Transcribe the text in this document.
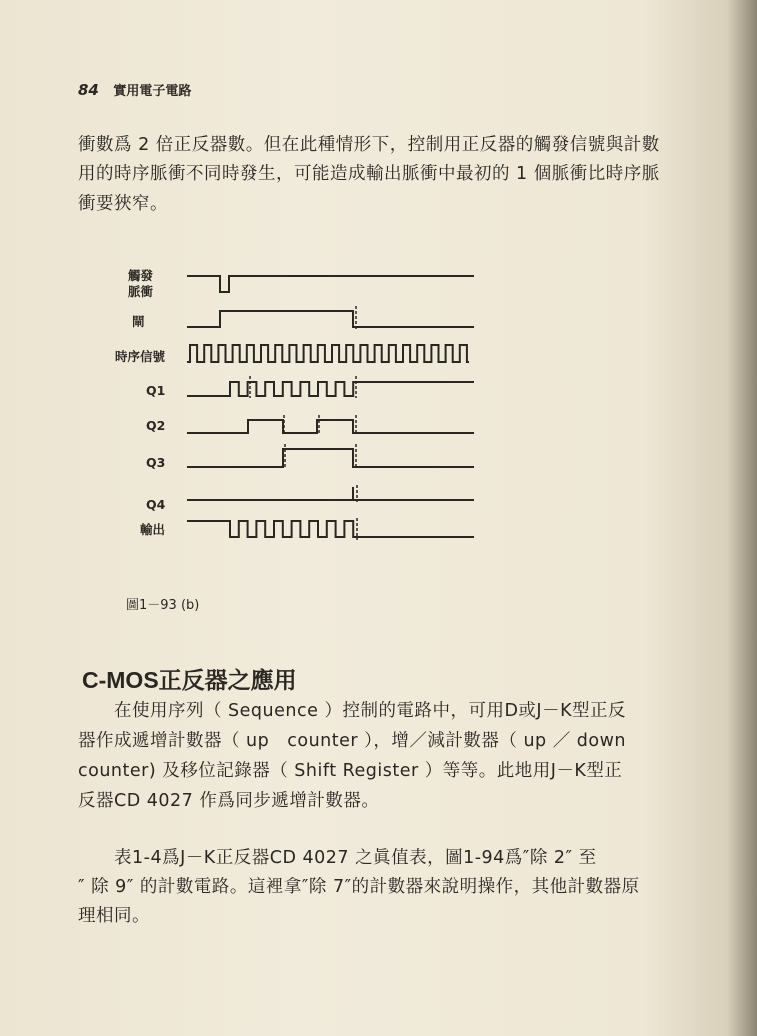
84 實用電子電路
衝數爲 2 倍正反器數。但在此種情形下，控制用正反器的觸發信號與計數
用的時序脈衝不同時發生，可能造成輸出脈衝中最初的 1 個脈衝比時序脈
衝要狹窄。
觸發
脈衝
閘
時序信號
Q1
Q2
Q3
Q4
輸出
圖1－93 (b)
C-MOS正反器之應用
　　在使用序列（ Sequence ）控制的電路中，可用D或J－K型正反
器作成遞增計數器（ up　counter ），增／減計數器（ up ／ down
counter) 及移位記錄器（ Shift Register ）等等。此地用J－K型正
反器CD 4027 作爲同步遞增計數器。
　　表1-4爲J－K正反器CD 4027 之眞值表，圖1-94爲″除 2″ 至
″ 除 9″ 的計數電路。這裡拿″除 7″的計數器來說明操作，其他計數器原
理相同。
